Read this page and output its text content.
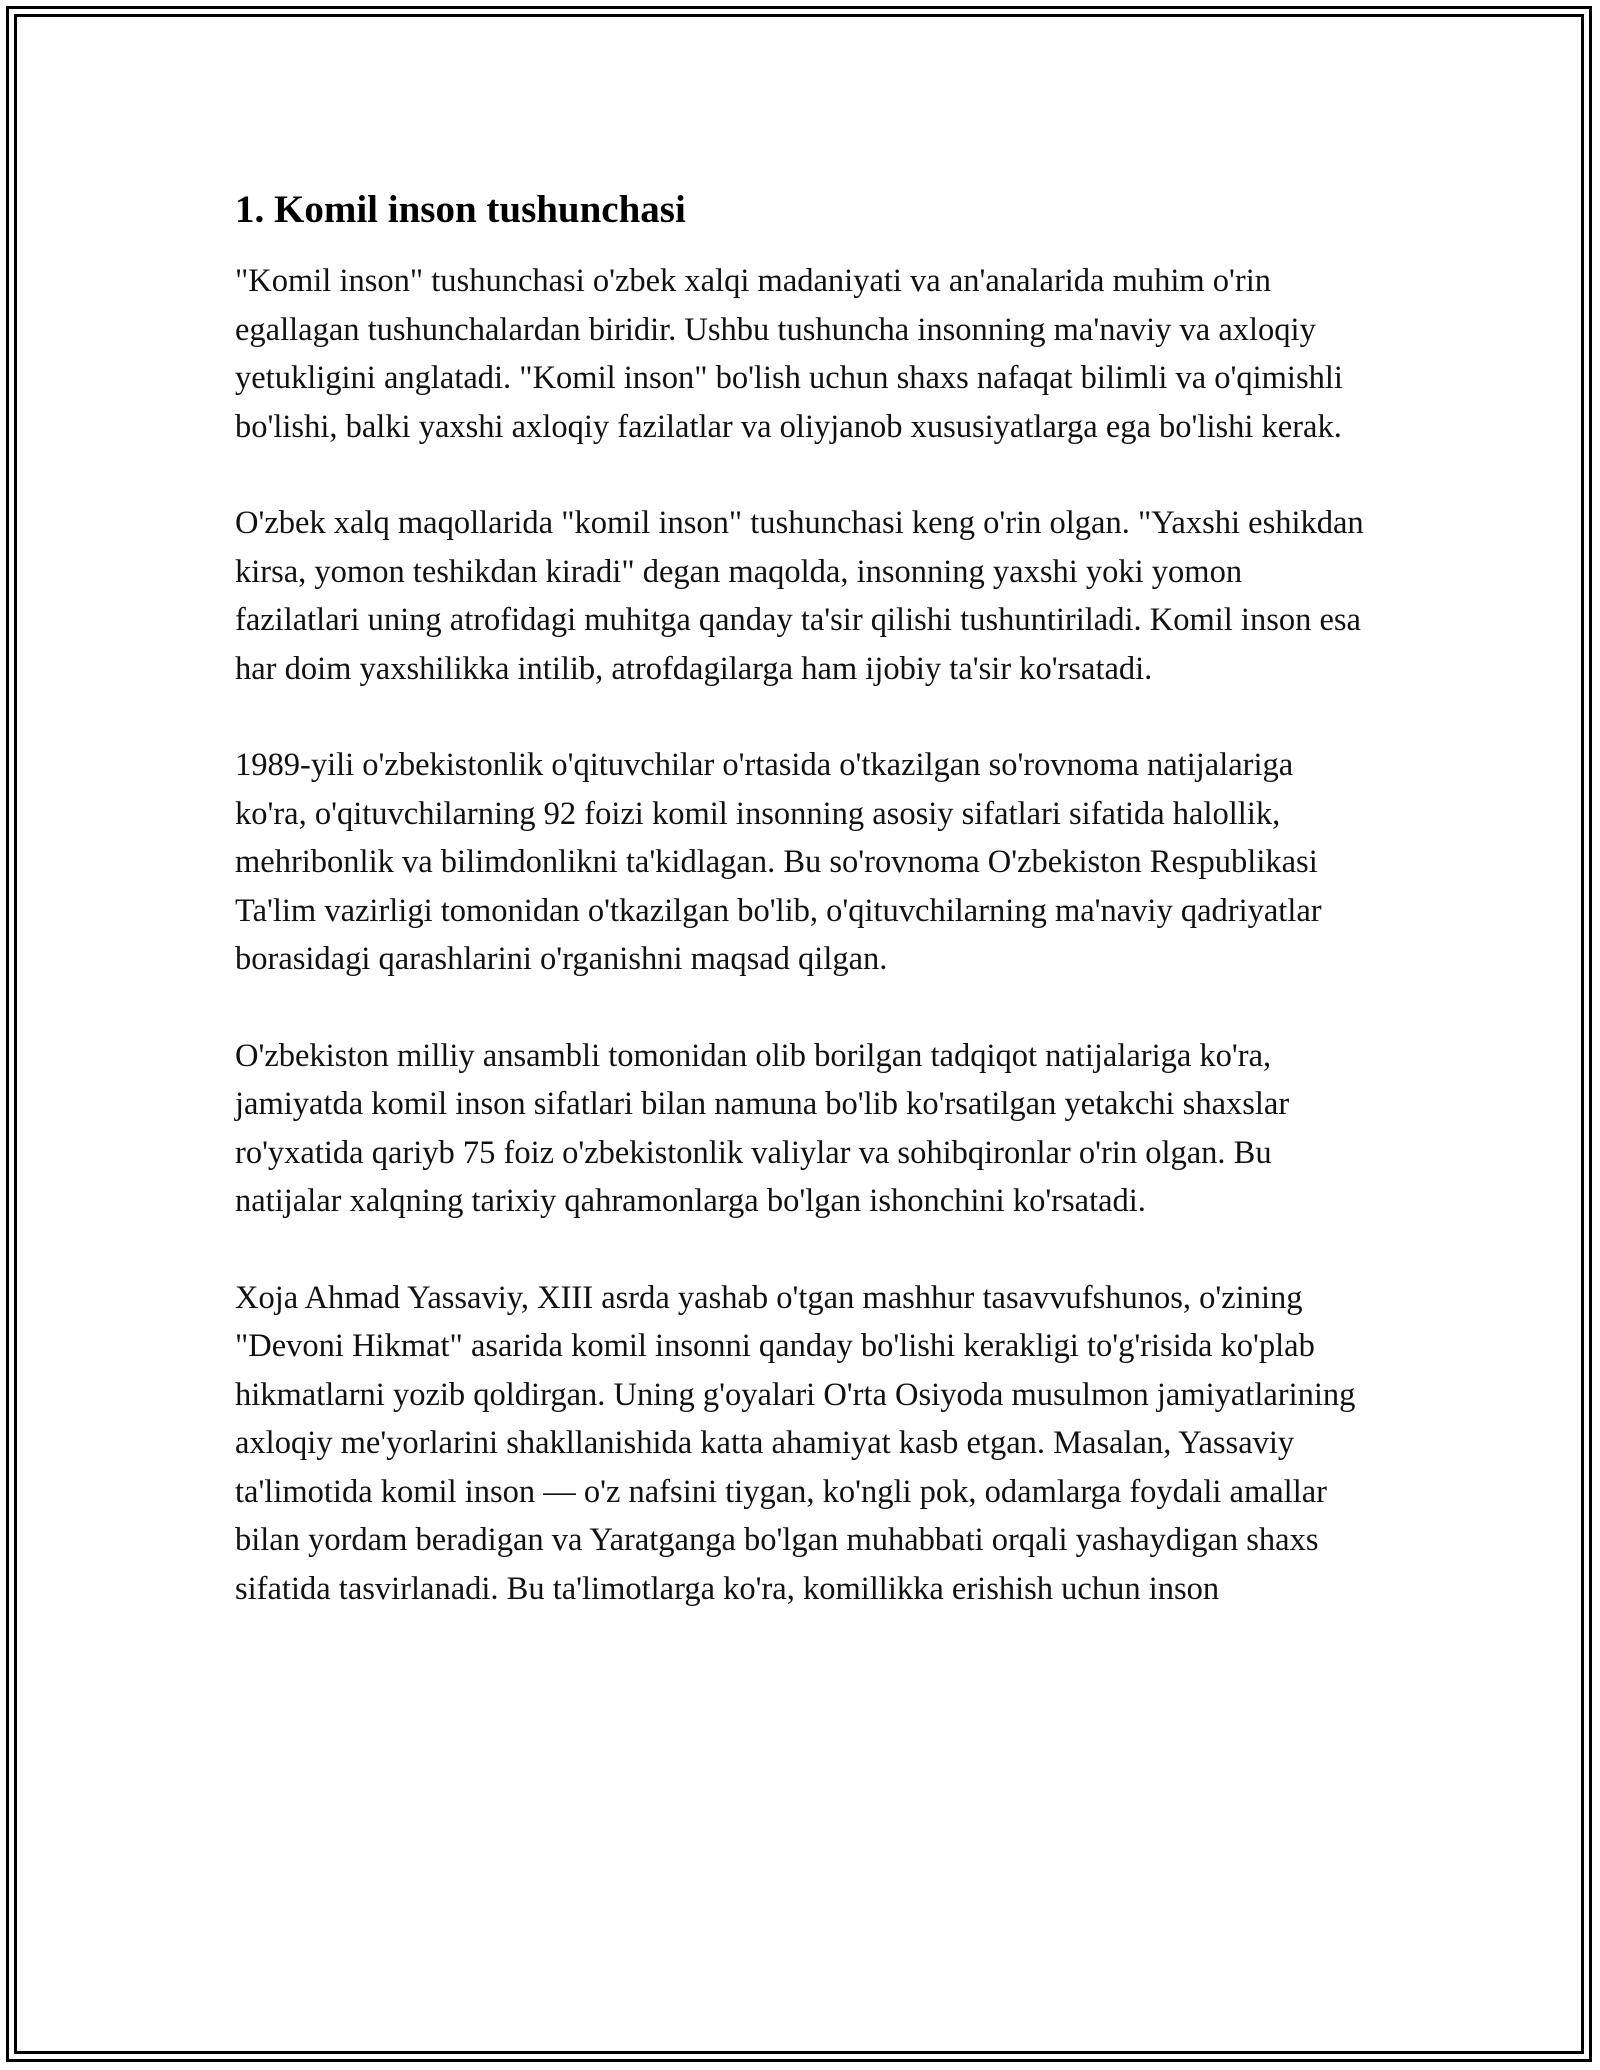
1. Komil inson tushunchasi

"Komil inson" tushunchasi o'zbek xalqi madaniyati va an'analarida muhim o'rin egallagan tushunchalardan biridir. Ushbu tushuncha insonning ma'naviy va axloqiy yetukligini anglatadi. "Komil inson" bo'lish uchun shaxs nafaqat bilimli va o'qimishli bo'lishi, balki yaxshi axloqiy fazilatlar va oliyjanob xususiyatlarga ega bo'lishi kerak.

O'zbek xalq maqollarida "komil inson" tushunchasi keng o'rin olgan. "Yaxshi eshikdan kirsa, yomon teshikdan kiradi" degan maqolda, insonning yaxshi yoki yomon fazilatlari uning atrofidagi muhitga qanday ta'sir qilishi tushuntiriladi. Komil inson esa har doim yaxshilikka intilib, atrofdagilarga ham ijobiy ta'sir ko'rsatadi.

1989-yili o'zbekistonlik o'qituvchilar o'rtasida o'tkazilgan so'rovnoma natijalariga ko'ra, o'qituvchilarning 92 foizi komil insonning asosiy sifatlari sifatida halollik, mehribonlik va bilimdonlikni ta'kidlagan. Bu so'rovnoma O'zbekiston Respublikasi Ta'lim vazirligi tomonidan o'tkazilgan bo'lib, o'qituvchilarning ma'naviy qadriyatlar borasidagi qarashlarini o'rganishni maqsad qilgan.

O'zbekiston milliy ansambli tomonidan olib borilgan tadqiqot natijalariga ko'ra, jamiyatda komil inson sifatlari bilan namuna bo'lib ko'rsatilgan yetakchi shaxslar ro'yxatida qariyb 75 foiz o'zbekistonlik valiylar va sohibqironlar o'rin olgan. Bu natijalar xalqning tarixiy qahramonlarga bo'lgan ishonchini ko'rsatadi.

Xoja Ahmad Yassaviy, XIII asrda yashab o'tgan mashhur tasavvufshunos, o'zining "Devoni Hikmat" asarida komil insonni qanday bo'lishi kerakligi to'g'risida ko'plab hikmatlarni yozib qoldirgan. Uning g'oyalari O'rta Osiyoda musulmon jamiyatlarining axloqiy me'yorlarini shakllanishida katta ahamiyat kasb etgan. Masalan, Yassaviy ta'limotida komil inson — o'z nafsini tiygan, ko'ngli pok, odamlarga foydali amallar bilan yordam beradigan va Yaratganga bo'lgan muhabbati orqali yashaydigan shaxs sifatida tasvirlanadi. Bu ta'limotlarga ko'ra, komillikka erishish uchun inson
